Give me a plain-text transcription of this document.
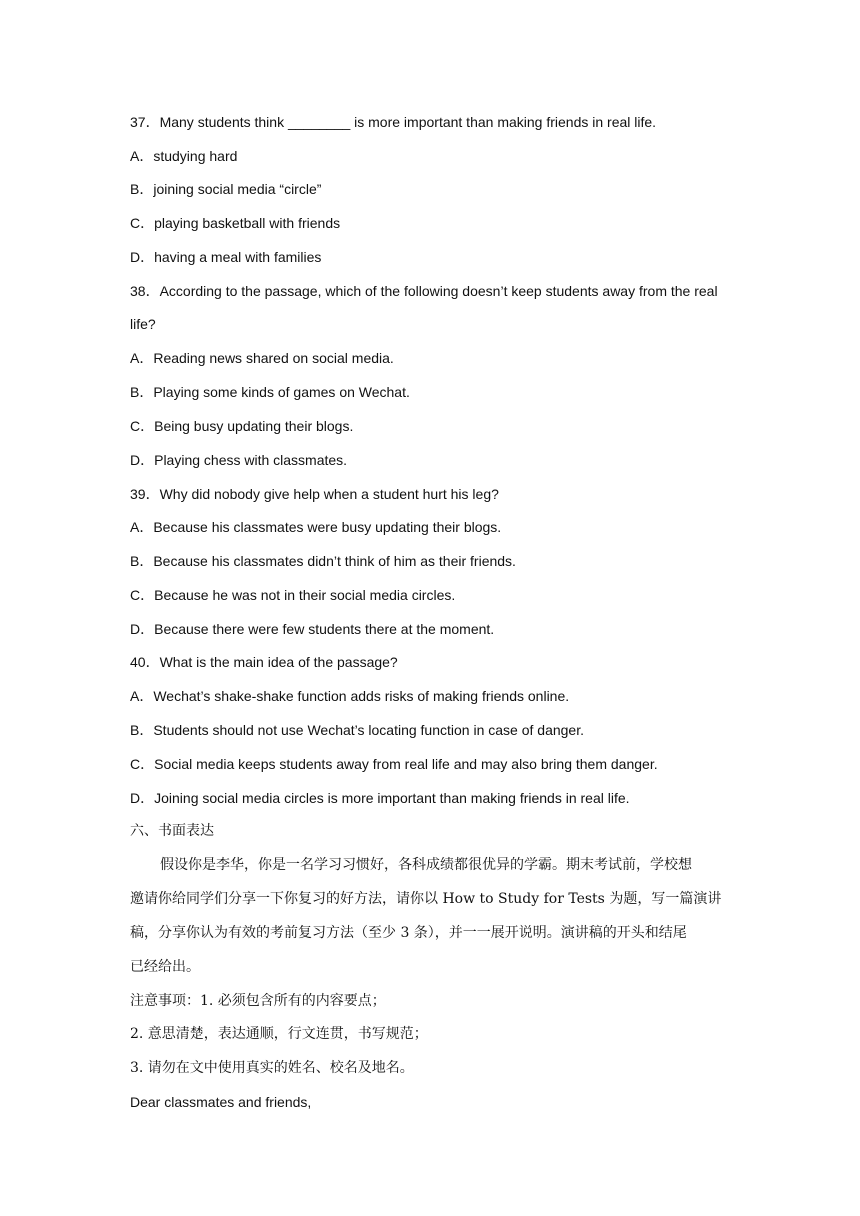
37．Many students think ________ is more important than making friends in real life.
A．studying hard
B．joining social media “circle”
C．playing basketball with friends
D．having a meal with families
38．According to the passage, which of the following doesn’t keep students away from the real
life?
A．Reading news shared on social media.
B．Playing some kinds of games on Wechat.
C．Being busy updating their blogs.
D．Playing chess with classmates.
39．Why did nobody give help when a student hurt his leg?
A．Because his classmates were busy updating their blogs.
B．Because his classmates didn’t think of him as their friends.
C．Because he was not in their social media circles.
D．Because there were few students there at the moment.
40．What is the main idea of the passage?
A．Wechat’s shake-shake function adds risks of making friends online.
B．Students should not use Wechat’s locating function in case of danger.
C．Social media keeps students away from real life and may also bring them danger.
D．Joining social media circles is more important than making friends in real life.
六、书面表达
假设你是李华，你是一名学习习惯好，各科成绩都很优异的学霸。期末考试前，学校想
邀请你给同学们分享一下你复习的好方法，请你以 How to Study for Tests 为题，写一篇演讲
稿，分享你认为有效的考前复习方法（至少 3 条），并一一展开说明。演讲稿的开头和结尾
已经给出。
注意事项：1. 必须包含所有的内容要点；
2. 意思清楚，表达通顺，行文连贯，书写规范；
3. 请勿在文中使用真实的姓名、校名及地名。
Dear classmates and friends,
